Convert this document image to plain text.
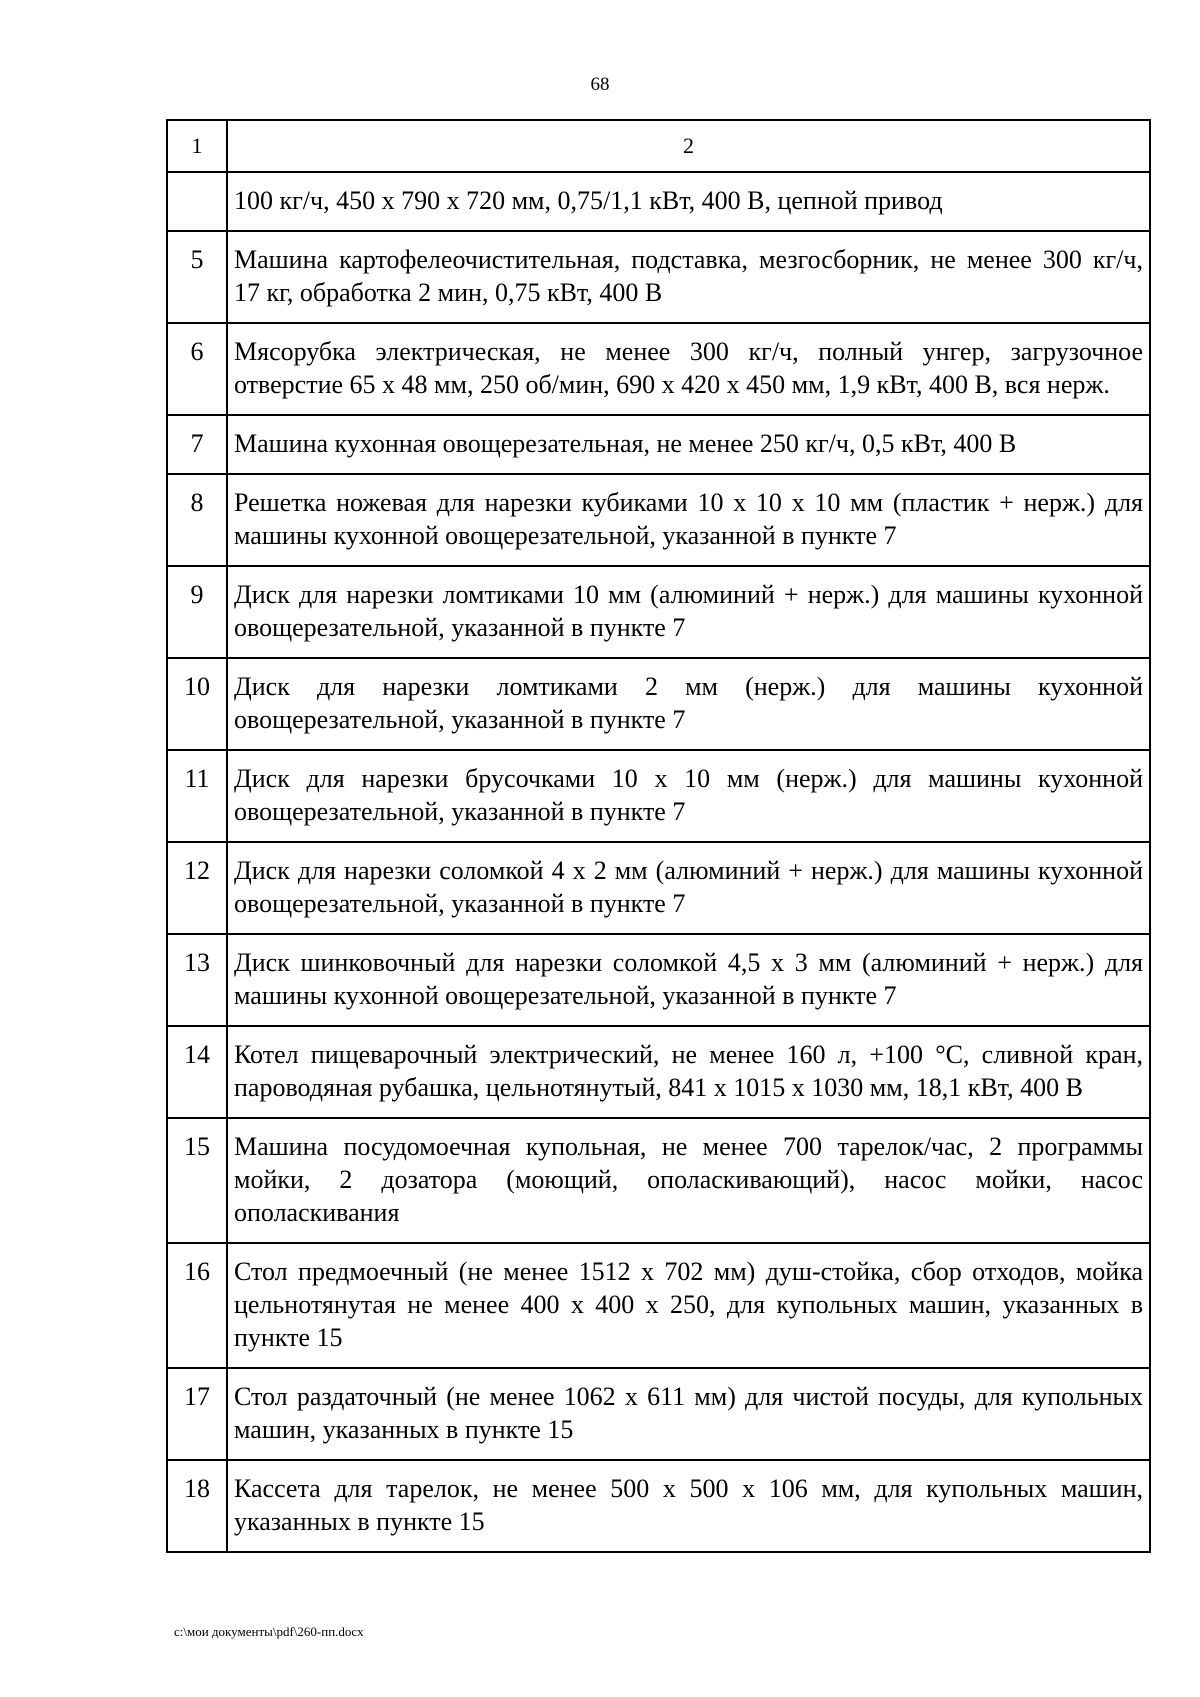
68
1	2
	100 кг/ч, 450 х 790 х 720 мм, 0,75/1,1 кВт, 400 В, цепной привод
5	Машина картофелеочистительная, подставка, мезгосборник, не менее 300 кг/ч, 17 кг, обработка 2 мин, 0,75 кВт, 400 В
6	Мясорубка электрическая, не менее 300 кг/ч, полный унгер, загрузочное отверстие 65 х 48 мм, 250 об/мин, 690 х 420 х 450 мм, 1,9 кВт, 400 В, вся нерж.
7	Машина кухонная овощерезательная, не менее 250 кг/ч, 0,5 кВт, 400 В
8	Решетка ножевая для нарезки кубиками 10 х 10 х 10 мм (пластик + нерж.) для машины кухонной овощерезательной, указанной в пункте 7
9	Диск для нарезки ломтиками 10 мм (алюминий + нерж.) для машины кухонной овощерезательной, указанной в пункте 7
10	Диск для нарезки ломтиками 2 мм (нерж.) для машины кухонной овощерезательной, указанной в пункте 7
11	Диск для нарезки брусочками 10 х 10 мм (нерж.) для машины кухонной овощерезательной, указанной в пункте 7
12	Диск для нарезки соломкой 4 х 2 мм (алюминий + нерж.) для машины кухонной овощерезательной, указанной в пункте 7
13	Диск шинковочный для нарезки соломкой 4,5 х 3 мм (алюминий + нерж.) для машины кухонной овощерезательной, указанной в пункте 7
14	Котел пищеварочный электрический, не менее 160 л, +100 °С, сливной кран, пароводяная рубашка, цельнотянутый, 841 х 1015 х 1030 мм, 18,1 кВт, 400 В
15	Машина посудомоечная купольная, не менее 700 тарелок/час, 2 программы мойки, 2 дозатора (моющий, ополаскивающий), насос мойки, насос ополаскивания
16	Стол предмоечный (не менее 1512 х 702 мм) душ-стойка, сбор отходов, мойка цельнотянутая не менее 400 х 400 х 250, для купольных машин, указанных в пункте 15
17	Стол раздаточный (не менее 1062 х 611 мм) для чистой посуды, для купольных машин, указанных в пункте 15
18	Кассета для тарелок, не менее 500 х 500 х 106 мм, для купольных машин, указанных в пункте 15
c:\мои документы\pdf\260-пп.docx
